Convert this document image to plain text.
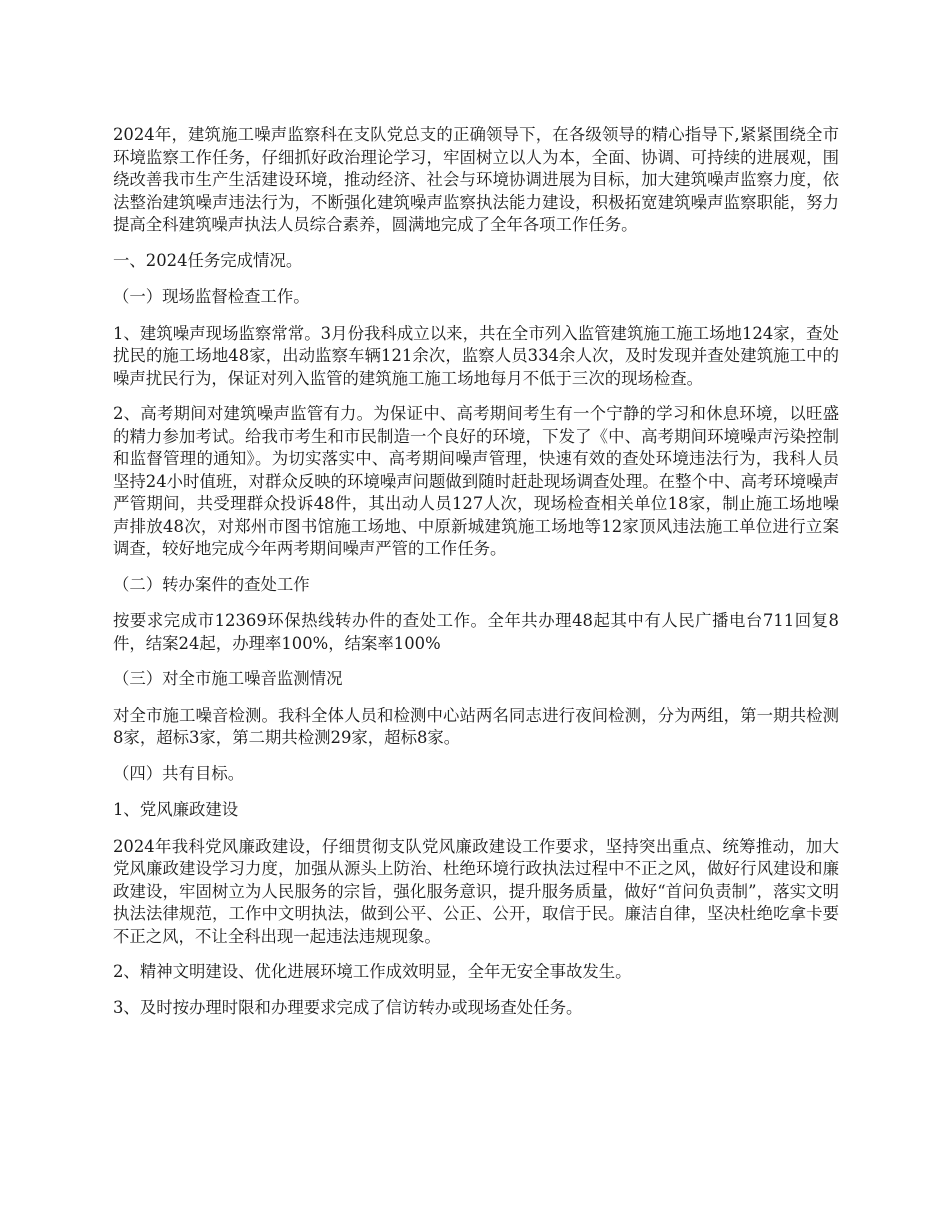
2024年，建筑施工噪声监察科在支队党总支的正确领导下，在各级领导的精心指导下,紧紧围绕全市环境监察工作任务，仔细抓好政治理论学习，牢固树立以人为本，全面、协调、可持续的进展观，围绕改善我市生产生活建设环境，推动经济、社会与环境协调进展为目标，加大建筑噪声监察力度，依法整治建筑噪声违法行为，不断强化建筑噪声监察执法能力建设，积极拓宽建筑噪声监察职能，努力提高全科建筑噪声执法人员综合素养，圆满地完成了全年各项工作任务。

一、2024任务完成情况。

（一）现场监督检查工作。

1、建筑噪声现场监察常常。3月份我科成立以来，共在全市列入监管建筑施工施工场地124家，查处扰民的施工场地48家，出动监察车辆121余次，监察人员334余人次，及时发现并查处建筑施工中的噪声扰民行为，保证对列入监管的建筑施工施工场地每月不低于三次的现场检查。

2、高考期间对建筑噪声监管有力。为保证中、高考期间考生有一个宁静的学习和休息环境，以旺盛的精力参加考试。给我市考生和市民制造一个良好的环境，下发了《中、高考期间环境噪声污染控制和监督管理的通知》。为切实落实中、高考期间噪声管理，快速有效的查处环境违法行为，我科人员坚持24小时值班，对群众反映的环境噪声问题做到随时赶赴现场调查处理。在整个中、高考环境噪声严管期间，共受理群众投诉48件，其出动人员127人次，现场检查相关单位18家，制止施工场地噪声排放48次，对郑州市图书馆施工场地、中原新城建筑施工场地等12家顶风违法施工单位进行立案调查，较好地完成今年两考期间噪声严管的工作任务。

（二）转办案件的查处工作

按要求完成市12369环保热线转办件的查处工作。全年共办理48起其中有人民广播电台711回复8件，结案24起，办理率100%，结案率100%

（三）对全市施工噪音监测情况

对全市施工噪音检测。我科全体人员和检测中心站两名同志进行夜间检测，分为两组，第一期共检测8家，超标3家，第二期共检测29家，超标8家。

（四）共有目标。

1、党风廉政建设

2024年我科党风廉政建设，仔细贯彻支队党风廉政建设工作要求，坚持突出重点、统筹推动，加大党风廉政建设学习力度，加强从源头上防治、杜绝环境行政执法过程中不正之风，做好行风建设和廉政建设，牢固树立为人民服务的宗旨，强化服务意识，提升服务质量，做好“首问负责制”，落实文明执法法律规范，工作中文明执法，做到公平、公正、公开，取信于民。廉洁自律，坚决杜绝吃拿卡要不正之风，不让全科出现一起违法违规现象。

2、精神文明建设、优化进展环境工作成效明显，全年无安全事故发生。

3、及时按办理时限和办理要求完成了信访转办或现场查处任务。
